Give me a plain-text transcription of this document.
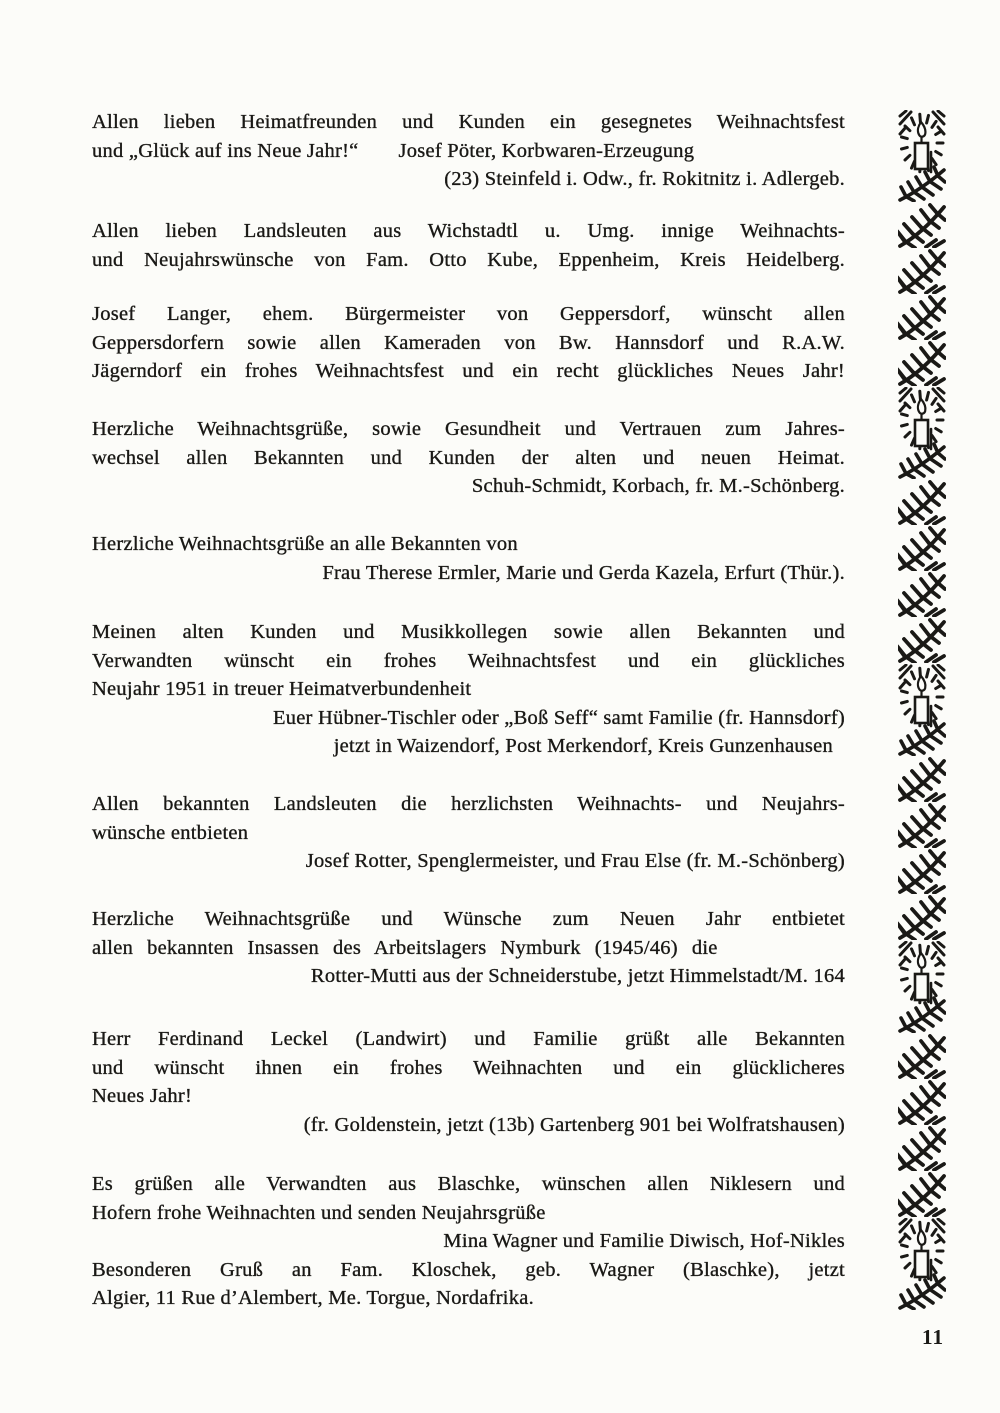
Allen lieben Heimatfreunden und Kunden ein gesegnetes Weihnachtsfest
und „Glück auf ins Neue Jahr!“ Josef Pöter, Korbwaren-Erzeugung
(23) Steinfeld i. Odw., fr. Rokitnitz i. Adlergeb.
Allen lieben Landsleuten aus Wichstadtl u. Umg. innige Weihnachts-
und Neujahrswünsche von Fam. Otto Kube, Eppenheim, Kreis Heidelberg.
Josef Langer, ehem. Bürgermeister von Geppersdorf, wünscht allen
Geppersdorfern sowie allen Kameraden von Bw. Hannsdorf und R.A.W.
Jägerndorf ein frohes Weihnachtsfest und ein recht glückliches Neues Jahr!
Herzliche Weihnachtsgrüße, sowie Gesundheit und Vertrauen zum Jahres-
wechsel allen Bekannten und Kunden der alten und neuen Heimat.
Schuh-Schmidt, Korbach, fr. M.-Schönberg.
Herzliche Weihnachtsgrüße an alle Bekannten von
Frau Therese Ermler, Marie und Gerda Kazela, Erfurt (Thür.).
Meinen alten Kunden und Musikkollegen sowie allen Bekannten und
Verwandten wünscht ein frohes Weihnachtsfest und ein glückliches
Neujahr 1951 in treuer Heimatverbundenheit
Euer Hübner-Tischler oder „Boß Seff“ samt Familie (fr. Hannsdorf)
jetzt in Waizendorf, Post Merkendorf, Kreis Gunzenhausen
Allen bekannten Landsleuten die herzlichsten Weihnachts- und Neujahrs-
wünsche entbieten
Josef Rotter, Spenglermeister, und Frau Else (fr. M.-Schönberg)
Herzliche Weihnachtsgrüße und Wünsche zum Neuen Jahr entbietet
allen bekannten Insassen des Arbeitslagers Nymburk (1945/46) die
Rotter-Mutti aus der Schneiderstube, jetzt Himmelstadt/M. 164
Herr Ferdinand Leckel (Landwirt) und Familie grüßt alle Bekannten
und wünscht ihnen ein frohes Weihnachten und ein glücklicheres
Neues Jahr!
(fr. Goldenstein, jetzt (13b) Gartenberg 901 bei Wolfratshausen)
Es grüßen alle Verwandten aus Blaschke, wünschen allen Niklesern und
Hofern frohe Weihnachten und senden Neujahrsgrüße
Mina Wagner und Familie Diwisch, Hof-Nikles
Besonderen Gruß an Fam. Kloschek, geb. Wagner (Blaschke), jetzt
Algier, 11 Rue d’Alembert, Me. Torgue, Nordafrika.
11
